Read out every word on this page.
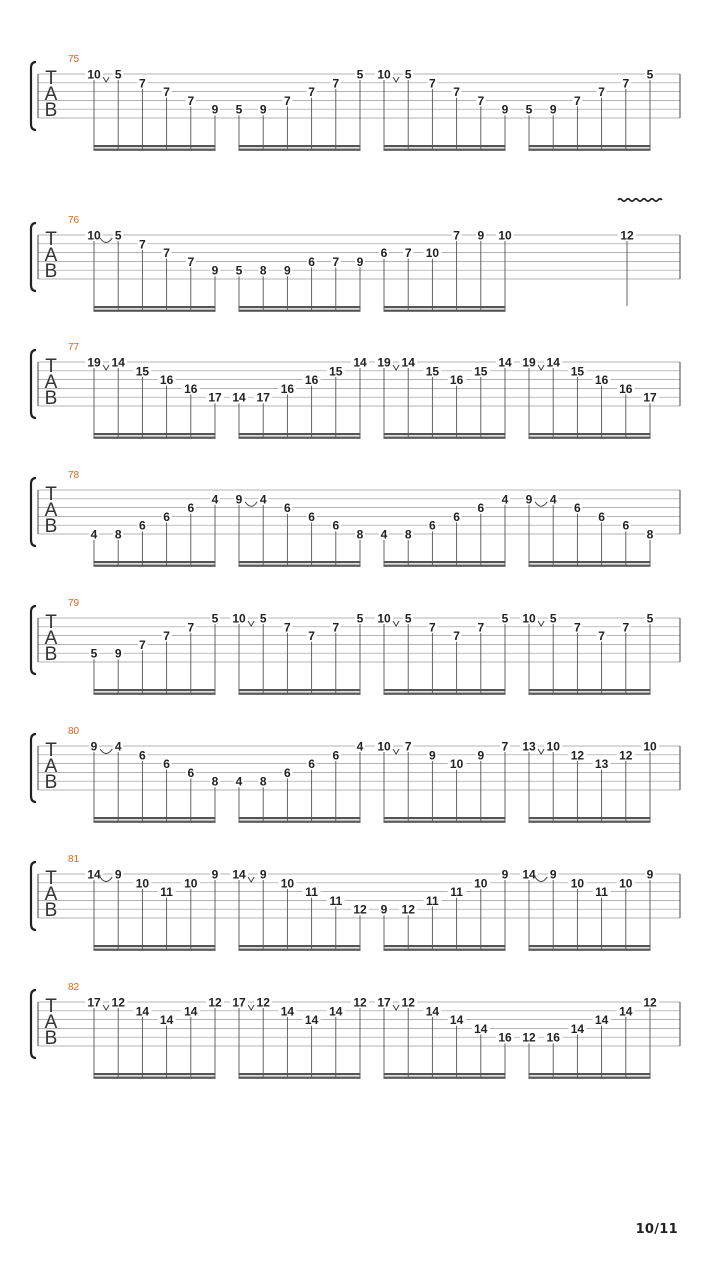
T
A
B
75
10 5
7
7
7
9 5 9
7
7
7
5 10 5
7
7
7
9 5 9
7
7
7
5
T
A
B
76
10 5
7
7
7
9 5 8 9
6 7 9
6 7 10
7 9 10	12
T
A
B
77
19 14
15
16
16
17 14 17
16
16
15
14 19 14
15
16
15
14 19 14
15
16
16
17
T
A
B
78
4 8
6
6
6
4 9 4
6
6
6
8 4 8
6
6
6
4 9 4
6
6
6
8
T
A
B
79
5 9
7
7
7
5 10 5
7
7
7
5 10 5
7
7
7
5 10 5
7
7
7
5
T
A
B
80
9 4
6
6
6
8 4 8
6
6
6
4 10 7
9
10
9
7 13 10
12
13
12
10
T
A
B
81
14 9
10
11
10
9 14 9
10
11
11
12 9 12
11
11
10
9 14 9
10
11
10
9
T
A
B
82
17 12
14
14
14
12 17 12
14
14
14
12 17 12
14
14
14
16 12 16
14
14
14
12
10/11
